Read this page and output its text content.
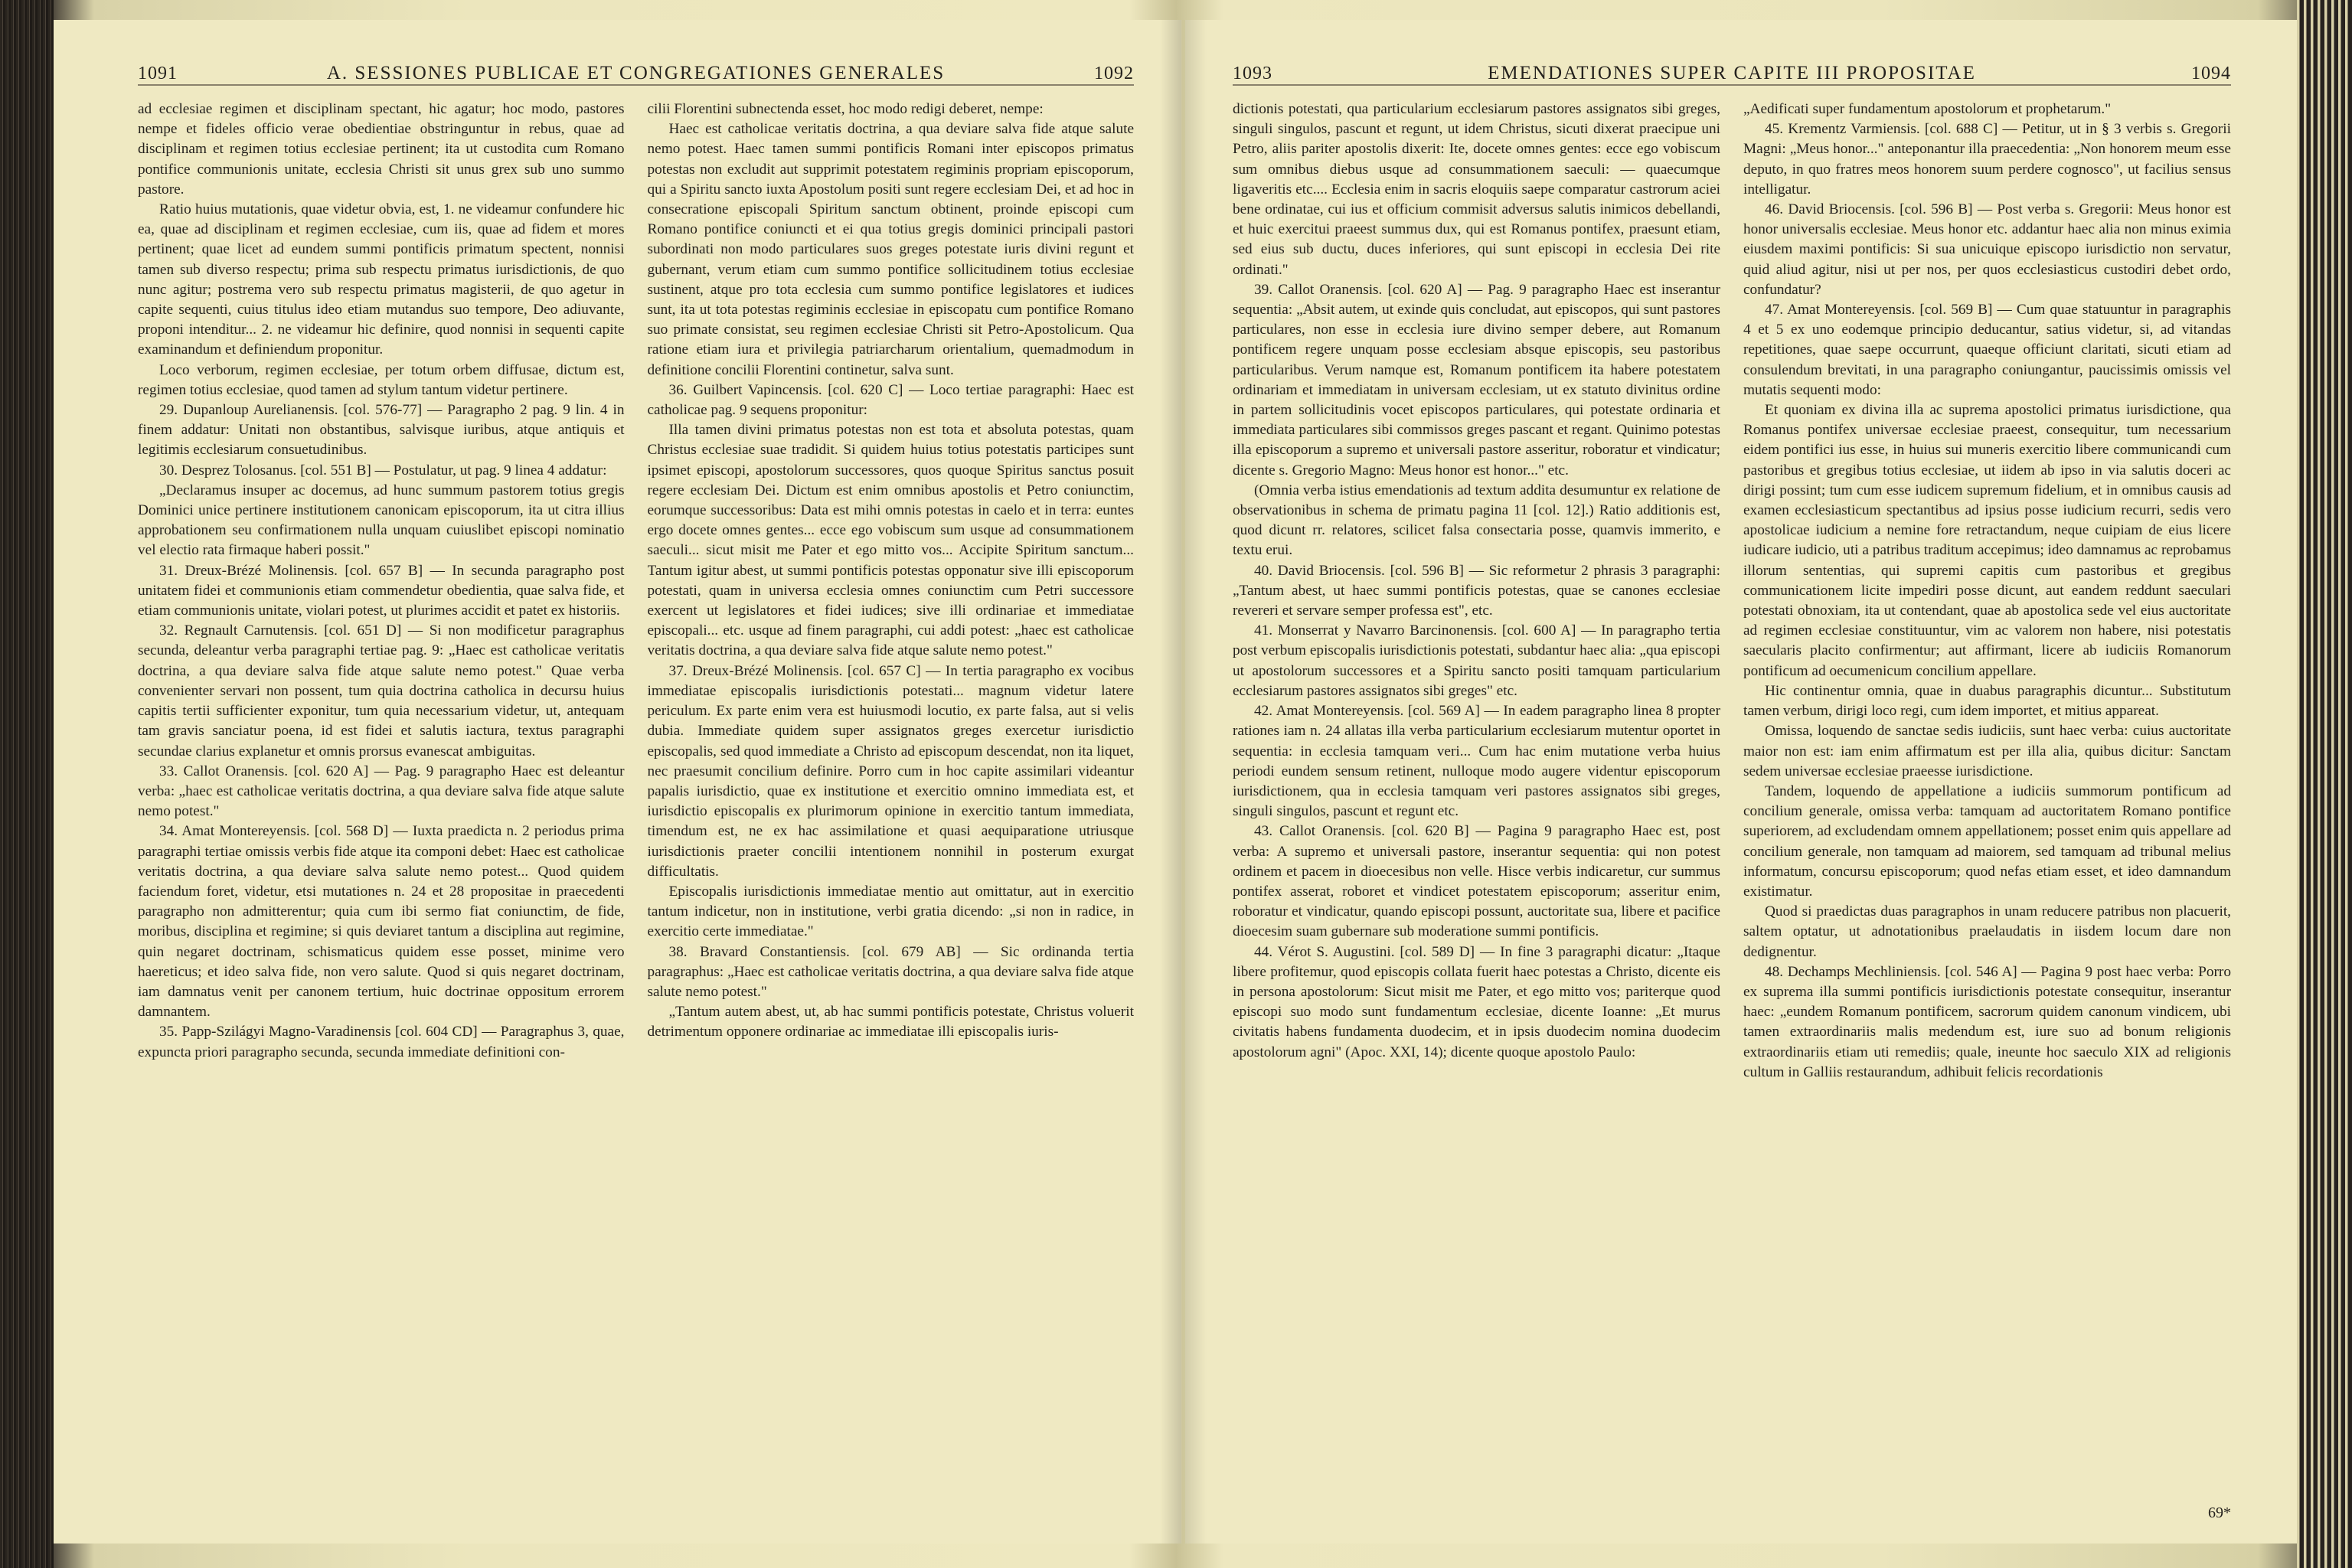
1091	A. SESSIONES PUBLICAE ET CONGREGATIONES GENERALES	1092

ad ecclesiae regimen et disciplinam spectant, hic agatur; hoc modo, pastores nempe et fideles officio verae obedientiae obstringuntur in rebus, quae ad disciplinam et regimen totius ecclesiae pertinent; ita ut custodita cum Romano pontifice communionis unitate, ecclesia Christi sit unus grex sub uno summo pastore.

Ratio huius mutationis, quae videtur obvia, est, 1. ne videamur confundere hic ea, quae ad disciplinam et regimen ecclesiae, cum iis, quae ad fidem et mores pertinent; quae licet ad eundem summi pontificis primatum spectent, nonnisi tamen sub diverso respectu; prima sub respectu primatus iurisdictionis, de quo nunc agitur; postrema vero sub respectu primatus magisterii, de quo agetur in capite sequenti, cuius titulus ideo etiam mutandus suo tempore, Deo adiuvante, proponi intenditur... 2. ne videamur hic definire, quod nonnisi in sequenti capite examinandum et definiendum proponitur.

Loco verborum, regimen ecclesiae, per totum orbem diffusae, dictum est, regimen totius ecclesiae, quod tamen ad stylum tantum videtur pertinere.

29. Dupanloup Aurelianensis. [col. 576-77] — Paragrapho 2 pag. 9 lin. 4 in finem addatur: Unitati non obstantibus, salvisque iuribus, atque antiquis et legitimis ecclesiarum consuetudinibus.

30. Desprez Tolosanus. [col. 551 B] — Postulatur, ut pag. 9 linea 4 addatur:

„Declaramus insuper ac docemus, ad hunc summum pastorem totius gregis Dominici unice pertinere institutionem canonicam episcoporum, ita ut citra illius approbationem seu confirmationem nulla unquam cuiuslibet episcopi nominatio vel electio rata firmaque haberi possit."

31. Dreux-Brézé Molinensis. [col. 657 B] — In secunda paragrapho post unitatem fidei et communionis etiam commendetur obedientia, quae salva fide, et etiam communionis unitate, violari potest, ut plurimes accidit et patet ex historiis.

32. Regnault Carnutensis. [col. 651 D] — Si non modificetur paragraphus secunda, deleantur verba paragraphi tertiae pag. 9: „Haec est catholicae veritatis doctrina, a qua deviare salva fide atque salute nemo potest." Quae verba convenienter servari non possent, tum quia doctrina catholica in decursu huius capitis tertii sufficienter exponitur, tum quia necessarium videtur, ut, antequam tam gravis sanciatur poena, id est fidei et salutis iactura, textus paragraphi secundae clarius explanetur et omnis prorsus evanescat ambiguitas.

33. Callot Oranensis. [col. 620 A] — Pag. 9 paragrapho Haec est deleantur verba: „haec est catholicae veritatis doctrina, a qua deviare salva fide atque salute nemo potest."

34. Amat Montereyensis. [col. 568 D] — Iuxta praedicta n. 2 periodus prima paragraphi tertiae omissis verbis fide atque ita componi debet: Haec est catholicae veritatis doctrina, a qua deviare salva salute nemo potest... Quod quidem faciendum foret, videtur, etsi mutationes n. 24 et 28 propositae in praecedenti paragrapho non admitterentur; quia cum ibi sermo fiat coniunctim, de fide, moribus, disciplina et regimine; si quis deviaret tantum a disciplina aut regimine, quin negaret doctrinam, schismaticus quidem esse posset, minime vero haereticus; et ideo salva fide, non vero salute. Quod si quis negaret doctrinam, iam damnatus venit per canonem tertium, huic doctrinae oppositum errorem damnantem.

35. Papp-Szilágyi Magno-Varadinensis [col. 604 CD] — Paragraphus 3, quae, expuncta priori paragrapho secunda, secunda immediate definitioni con-

cilii Florentini subnectenda esset, hoc modo redigi deberet, nempe:

Haec est catholicae veritatis doctrina, a qua deviare salva fide atque salute nemo potest. Haec tamen summi pontificis Romani inter episcopos primatus potestas non excludit aut supprimit potestatem regiminis propriam episcoporum, qui a Spiritu sancto iuxta Apostolum positi sunt regere ecclesiam Dei, et ad hoc in consecratione episcopali Spiritum sanctum obtinent, proinde episcopi cum Romano pontifice coniuncti et ei qua totius gregis dominici principali pastori subordinati non modo particulares suos greges potestate iuris divini regunt et gubernant, verum etiam cum summo pontifice sollicitudinem totius ecclesiae sustinent, atque pro tota ecclesia cum summo pontifice legislatores et iudices sunt, ita ut tota potestas regiminis ecclesiae in episcopatu cum pontifice Romano suo primate consistat, seu regimen ecclesiae Christi sit Petro-Apostolicum. Qua ratione etiam iura et privilegia patriarcharum orientalium, quemadmodum in definitione concilii Florentini continetur, salva sunt.

36. Guilbert Vapincensis. [col. 620 C] — Loco tertiae paragraphi: Haec est catholicae pag. 9 sequens proponitur:

Illa tamen divini primatus potestas non est tota et absoluta potestas, quam Christus ecclesiae suae tradidit. Si quidem huius totius potestatis participes sunt ipsimet episcopi, apostolorum successores, quos quoque Spiritus sanctus posuit regere ecclesiam Dei. Dictum est enim omnibus apostolis et Petro coniunctim, eorumque successoribus: Data est mihi omnis potestas in caelo et in terra: euntes ergo docete omnes gentes... ecce ego vobiscum sum usque ad consummationem saeculi... sicut misit me Pater et ego mitto vos... Accipite Spiritum sanctum... Tantum igitur abest, ut summi pontificis potestas opponatur sive illi episcoporum potestati, quam in universa ecclesia omnes coniunctim cum Petri successore exercent ut legislatores et fidei iudices; sive illi ordinariae et immediatae episcopali... etc. usque ad finem paragraphi, cui addi potest: „haec est catholicae veritatis doctrina, a qua deviare salva fide atque salute nemo potest."

37. Dreux-Brézé Molinensis. [col. 657 C] — In tertia paragrapho ex vocibus immediatae episcopalis iurisdictionis potestati... magnum videtur latere periculum. Ex parte enim vera est huiusmodi locutio, ex parte falsa, aut si velis dubia. Immediate quidem super assignatos greges exercetur iurisdictio episcopalis, sed quod immediate a Christo ad episcopum descendat, non ita liquet, nec praesumit concilium definire. Porro cum in hoc capite assimilari videantur papalis iurisdictio, quae ex institutione et exercitio omnino immediata est, et iurisdictio episcopalis ex plurimorum opinione in exercitio tantum immediata, timendum est, ne ex hac assimilatione et quasi aequiparatione utriusque iurisdictionis praeter concilii intentionem nonnihil in posterum exurgat difficultatis.

Episcopalis iurisdictionis immediatae mentio aut omittatur, aut in exercitio tantum indicetur, non in institutione, verbi gratia dicendo: „si non in radice, in exercitio certe immediatae."

38. Bravard Constantiensis. [col. 679 AB] — Sic ordinanda tertia paragraphus: „Haec est catholicae veritatis doctrina, a qua deviare salva fide atque salute nemo potest."

„Tantum autem abest, ut, ab hac summi pontificis potestate, Christus voluerit detrimentum opponere ordinariae ac immediatae illi episcopalis iuris-

1093	EMENDATIONES SUPER CAPITE III PROPOSITAE	1094

dictionis potestati, qua particularium ecclesiarum pastores assignatos sibi greges, singuli singulos, pascunt et regunt, ut idem Christus, sicuti dixerat praecipue uni Petro, aliis pariter apostolis dixerit: Ite, docete omnes gentes: ecce ego vobiscum sum omnibus diebus usque ad consummationem saeculi: — quaecumque ligaveritis etc.... Ecclesia enim in sacris eloquiis saepe comparatur castrorum aciei bene ordinatae, cui ius et officium commisit adversus salutis inimicos debellandi, et huic exercitui praeest summus dux, qui est Romanus pontifex, praesunt etiam, sed eius sub ductu, duces inferiores, qui sunt episcopi in ecclesia Dei rite ordinati."

39. Callot Oranensis. [col. 620 A] — Pag. 9 paragrapho Haec est inserantur sequentia: „Absit autem, ut exinde quis concludat, aut episcopos, qui sunt pastores particulares, non esse in ecclesia iure divino semper debere, aut Romanum pontificem regere unquam posse ecclesiam absque episcopis, seu pastoribus particularibus. Verum namque est, Romanum pontificem ita habere potestatem ordinariam et immediatam in universam ecclesiam, ut ex statuto divinitus ordine in partem sollicitudinis vocet episcopos particulares, qui potestate ordinaria et immediata particulares sibi commissos greges pascant et regant. Quinimo potestas illa episcoporum a supremo et universali pastore asseritur, roboratur et vindicatur; dicente s. Gregorio Magno: Meus honor est honor..." etc.

(Omnia verba istius emendationis ad textum addita desumuntur ex relatione de observationibus in schema de primatu pagina 11 [col. 12].) Ratio additionis est, quod dicunt rr. relatores, scilicet falsa consectaria posse, quamvis immerito, e textu erui.

40. David Briocensis. [col. 596 B] — Sic reformetur 2 phrasis 3 paragraphi: „Tantum abest, ut haec summi pontificis potestas, quae se canones ecclesiae revereri et servare semper professa est", etc.

41. Monserrat y Navarro Barcinonensis. [col. 600 A] — In paragrapho tertia post verbum episcopalis iurisdictionis potestati, subdantur haec alia: „qua episcopi ut apostolorum successores et a Spiritu sancto positi tamquam particularium ecclesiarum pastores assignatos sibi greges" etc.

42. Amat Montereyensis. [col. 569 A] — In eadem paragrapho linea 8 propter rationes iam n. 24 allatas illa verba particularium ecclesiarum mutentur oportet in sequentia: in ecclesia tamquam veri... Cum hac enim mutatione verba huius periodi eundem sensum retinent, nulloque modo augere videntur episcoporum iurisdictionem, qua in ecclesia tamquam veri pastores assignatos sibi greges, singuli singulos, pascunt et regunt etc.

43. Callot Oranensis. [col. 620 B] — Pagina 9 paragrapho Haec est, post verba: A supremo et universali pastore, inserantur sequentia: qui non potest ordinem et pacem in dioecesibus non velle. Hisce verbis indicaretur, cur summus pontifex asserat, roboret et vindicet potestatem episcoporum; asseritur enim, roboratur et vindicatur, quando episcopi possunt, auctoritate sua, libere et pacifice dioecesim suam gubernare sub moderatione summi pontificis.

44. Vérot S. Augustini. [col. 589 D] — In fine 3 paragraphi dicatur: „Itaque libere profitemur, quod episcopis collata fuerit haec potestas a Christo, dicente eis in persona apostolorum: Sicut misit me Pater, et ego mitto vos; pariterque quod episcopi suo modo sunt fundamentum ecclesiae, dicente Ioanne: „Et murus civitatis habens fundamenta duodecim, et in ipsis duodecim nomina duodecim apostolorum agni" (Apoc. XXI, 14); dicente quoque apostolo Paulo:

„Aedificati super fundamentum apostolorum et prophetarum."

45. Krementz Varmiensis. [col. 688 C] — Petitur, ut in § 3 verbis s. Gregorii Magni: „Meus honor..." anteponantur illa praecedentia: „Non honorem meum esse deputo, in quo fratres meos honorem suum perdere cognosco", ut facilius sensus intelligatur.

46. David Briocensis. [col. 596 B] — Post verba s. Gregorii: Meus honor est honor universalis ecclesiae. Meus honor etc. addantur haec alia non minus eximia eiusdem maximi pontificis: Si sua unicuique episcopo iurisdictio non servatur, quid aliud agitur, nisi ut per nos, per quos ecclesiasticus custodiri debet ordo, confundatur?

47. Amat Montereyensis. [col. 569 B] — Cum quae statuuntur in paragraphis 4 et 5 ex uno eodemque principio deducantur, satius videtur, si, ad vitandas repetitiones, quae saepe occurrunt, quaeque officiunt claritati, sicuti etiam ad consulendum brevitati, in una paragrapho coniungantur, paucissimis omissis vel mutatis sequenti modo:

Et quoniam ex divina illa ac suprema apostolici primatus iurisdictione, qua Romanus pontifex universae ecclesiae praeest, consequitur, tum necessarium eidem pontifici ius esse, in huius sui muneris exercitio libere communicandi cum pastoribus et gregibus totius ecclesiae, ut iidem ab ipso in via salutis doceri ac dirigi possint; tum cum esse iudicem supremum fidelium, et in omnibus causis ad examen ecclesiasticum spectantibus ad ipsius posse iudicium recurri, sedis vero apostolicae iudicium a nemine fore retractandum, neque cuipiam de eius licere iudicare iudicio, uti a patribus traditum accepimus; ideo damnamus ac reprobamus illorum sententias, qui supremi capitis cum pastoribus et gregibus communicationem licite impediri posse dicunt, aut eandem reddunt saeculari potestati obnoxiam, ita ut contendant, quae ab apostolica sede vel eius auctoritate ad regimen ecclesiae constituuntur, vim ac valorem non habere, nisi potestatis saecularis placito confirmentur; aut affirmant, licere ab iudiciis Romanorum pontificum ad oecumenicum concilium appellare.

Hic continentur omnia, quae in duabus paragraphis dicuntur... Substitutum tamen verbum, dirigi loco regi, cum idem importet, et mitius appareat.

Omissa, loquendo de sanctae sedis iudiciis, sunt haec verba: cuius auctoritate maior non est: iam enim affirmatum est per illa alia, quibus dicitur: Sanctam sedem universae ecclesiae praeesse iurisdictione.

Tandem, loquendo de appellatione a iudiciis summorum pontificum ad concilium generale, omissa verba: tamquam ad auctoritatem Romano pontifice superiorem, ad excludendam omnem appellationem; posset enim quis appellare ad concilium generale, non tamquam ad maiorem, sed tamquam ad tribunal melius informatum, concursu episcoporum; quod nefas etiam esset, et ideo damnandum existimatur.

Quod si praedictas duas paragraphos in unam reducere patribus non placuerit, saltem optatur, ut adnotationibus praelaudatis in iisdem locum dare non dedignentur.

48. Dechamps Mechliniensis. [col. 546 A] — Pagina 9 post haec verba: Porro ex suprema illa summi pontificis iurisdictionis potestate consequitur, inserantur haec: „eundem Romanum pontificem, sacrorum quidem canonum vindicem, ubi tamen extraordinariis malis medendum est, iure suo ad bonum religionis extraordinariis etiam uti remediis; quale, ineunte hoc saeculo XIX ad religionis cultum in Galliis restaurandum, adhibuit felicis recordationis

69*
